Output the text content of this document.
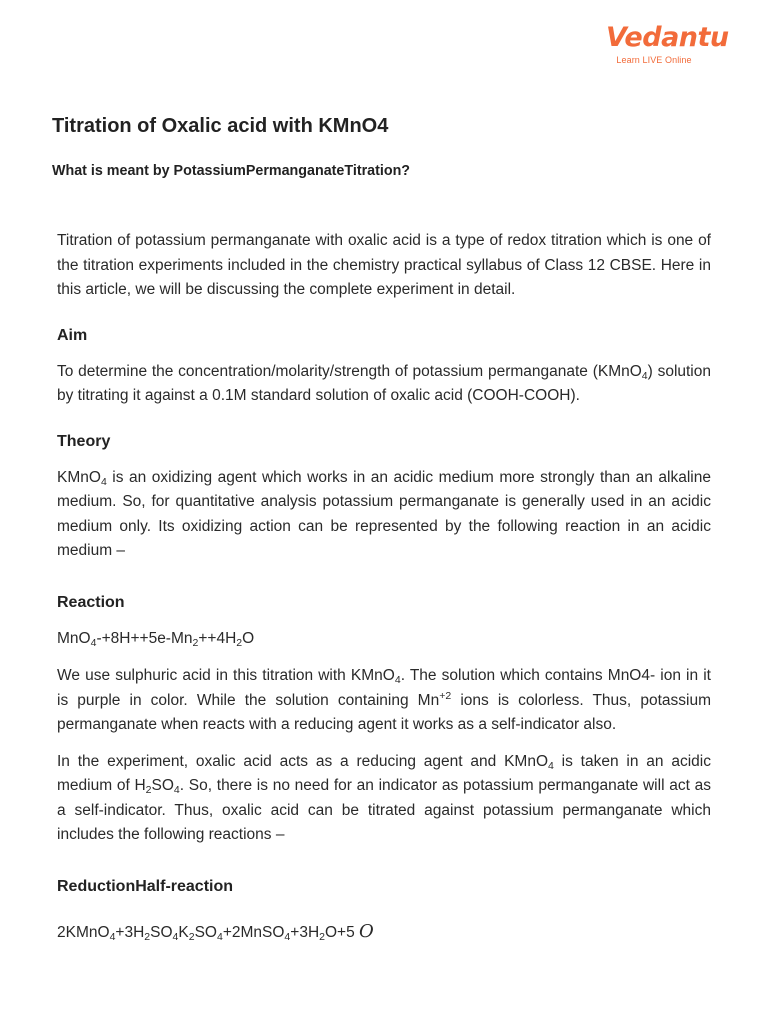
Vedantu
Learn LIVE Online
Titration of Oxalic acid with KMnO4
What is meant by PotassiumPermanganateTitration?

Titration of potassium permanganate with oxalic acid is a type of redox titration which is one of the titration experiments included in the chemistry practical syllabus of Class 12 CBSE. Here in this article, we will be discussing the complete experiment in detail.

Aim

To determine the concentration/molarity/strength of potassium permanganate (KMnO$_4$) solution by titrating it against a 0.1M standard solution of oxalic acid (COOH-COOH).

Theory

KMnO$_4$ is an oxidizing agent which works in an acidic medium more strongly than an alkaline medium. So, for quantitative analysis potassium permanganate is generally used in an acidic medium only. Its oxidizing action can be represented by the following reaction in an acidic medium –

Reaction

$MnO_4-+8H++5e-Mn_2++4H_2O$

We use sulphuric acid in this titration with KMnO$_4$. The solution which contains MnO4- ion in it is purple in color. While the solution containing $Mn^{+2}$ ions is colorless. Thus, potassium permanganate when reacts with a reducing agent it works as a self-indicator also.

In the experiment, oxalic acid acts as a reducing agent and KMnO$_4$ is taken in an acidic medium of $H_2SO_4$. So, there is no need for an indicator as potassium permanganate will act as a self-indicator. Thus, oxalic acid can be titrated against potassium permanganate which includes the following reactions –

ReductionHalf-reaction

$2KMnO_4+3H_2SO_4K_2SO_4+2MnSO_4+3H_2O+5$ O
